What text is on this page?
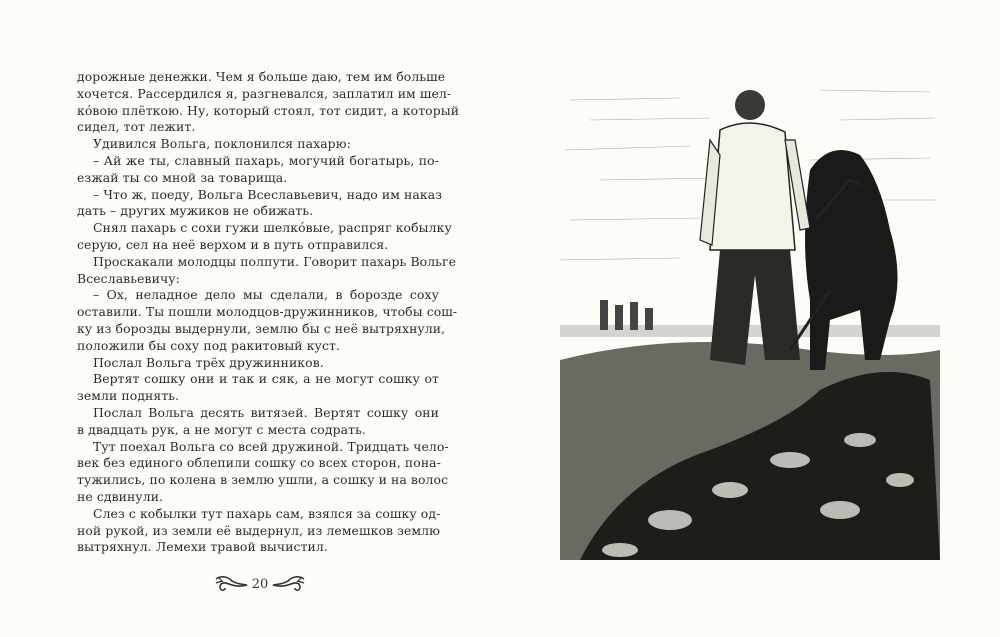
дорожные денежки. Чем я больше даю, тем им больше
хочется. Рассердился я, разгневался, заплатил им шел-
кóвою плёткою. Ну, который стоял, тот сидит, а который
сидел, тот лежит.
Удивился Вольга, поклонился пахарю:
– Ай же ты, славный пахарь, могучий богатырь, по-
езжай ты со мной за товарища.
– Что ж, поеду, Вольга Всеславьевич, надо им наказ
дать – других мужиков не обижать.
Снял пахарь с сохи гужи шелкóвые, распряг кобылку
серую, сел на неё верхом и в путь отправился.
Проскакали молодцы полпути. Говорит пахарь Вольге
Всеславьевичу:
– Ох, неладное дело мы сделали, в борозде соху
оставили. Ты пошли молодцов-дружинников, чтобы сош-
ку из борозды выдернули, землю бы с неё вытряхнули,
положили бы соху под ракитовый куст.
Послал Вольга трёх дружинников.
Вертят сошку они и так и сяк, а не могут сошку от
земли поднять.
Послал Вольга десять витязей. Вертят сошку они
в двадцать рук, а не могут с места содрать.
Тут поехал Вольга со всей дружиной. Тридцать чело-
век без единого облепили сошку со всех сторон, пона-
тужились, по колена в землю ушли, а сошку и на волос
не сдвинули.
Слез с кобылки тут пахарь сам, взялся за сошку од-
ной рукой, из земли её выдернул, из лемешков землю
вытряхнул. Лемехи травой вычистил.
20
